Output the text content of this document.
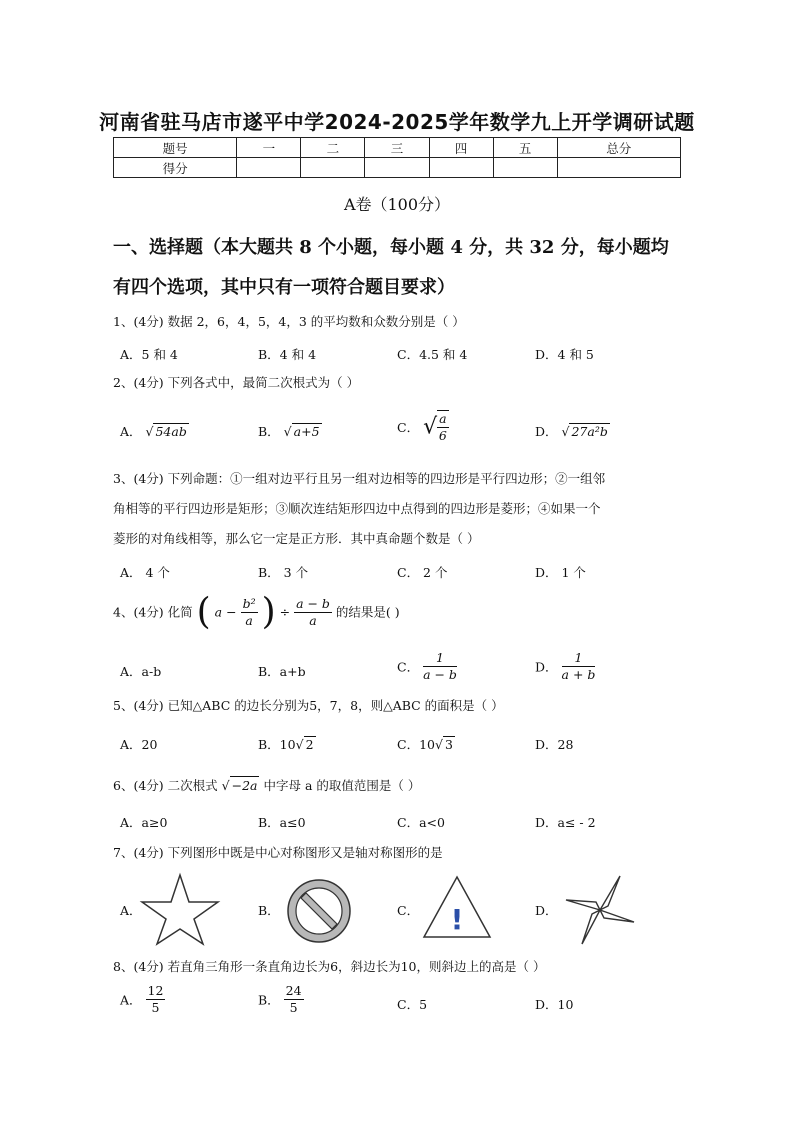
河南省驻马店市遂平中学2024-2025学年数学九上开学调研试题
题号	一	二	三	四	五	总分
得分						
A卷（100分）
一、选择题（本大题共 8 个小题，每小题 4 分，共 32 分，每小题均
有四个选项，其中只有一项符合题目要求）
1、(4分) 数据 2，6，4，5，4，3 的平均数和众数分别是（ ）
A．5 和 4	B．4 和 4	C．4.5 和 4	D．4 和 5
2、(4分) 下列各式中，最简二次根式为（ ）
A． √ 54ab	B． √ a+5	C． √ $\frac{a}{6}$	D． √ 27a²b
3、(4分) 下列命题：①一组对边平行且另一组对边相等的四边形是平行四边形；②一组邻
角相等的平行四边形是矩形；③顺次连结矩形四边中点得到的四边形是菱形；④如果一个
菱形的对角线相等，那么它一定是正方形．其中真命题个数是（ ）
A． 4 个	B． 3 个	C． 2 个	D． 1 个
4、(4分) 化简 ( $a - \frac{\text{b²}}{a}$ ) ÷ $\frac{a - b}{a}$ 的结果是( )
A．a-b	B．a+b	C． $\frac{1}{a - b}$	D． $\frac{1}{a + b}$
5、(4分) 已知△ABC 的边长分别为5，7，8，则△ABC 的面积是（ ）
A．20	B．10√ 2	C．10√ 3	D．28
6、(4分) 二次根式 √ −2a 中字母 a 的取值范围是（ ）
A．a≥0	B．a≤0	C．a<0	D．a≤ - 2
7、(4分) 下列图形中既是中心对称图形又是轴对称图形的是
A．	B．	C． !	D．
8、(4分) 若直角三角形一条直角边长为6，斜边长为10，则斜边上的高是（ ）
A． $\frac{12}{5}$	B． $\frac{24}{5}$	C．5	D．10
